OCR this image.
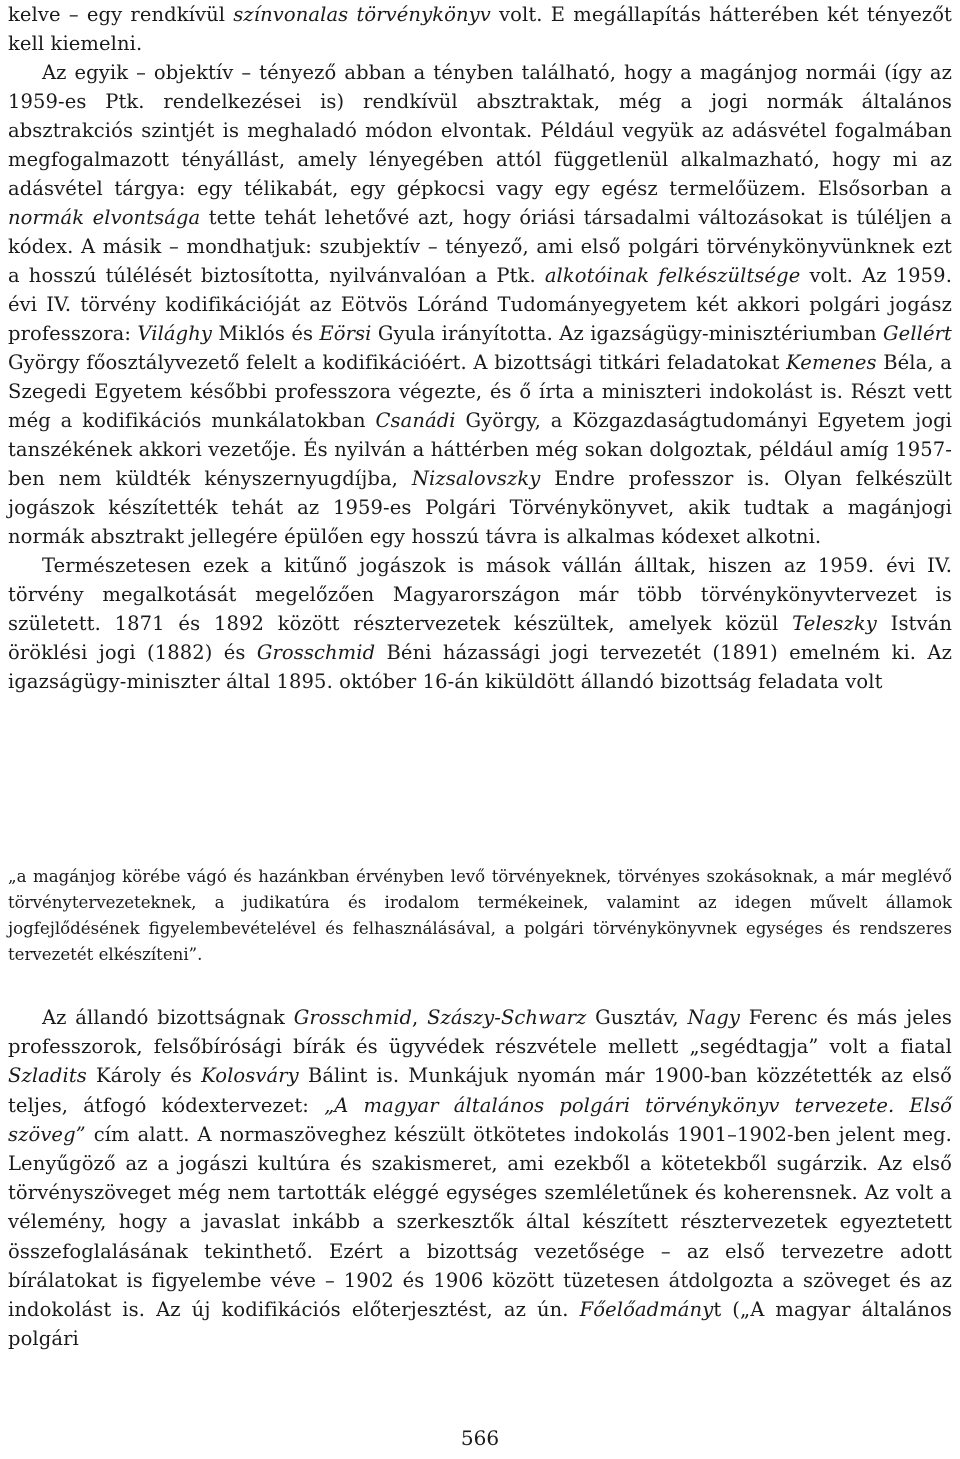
kelve – egy rendkívül színvonalas törvénykönyv volt. E megállapítás hátterében két tényezőt kell kiemelni.

Az egyik – objektív – tényező abban a tényben található, hogy a magánjog normái (így az 1959-es Ptk. rendelkezései is) rendkívül absztraktak, még a jogi normák általános absztrakciós szintjét is meghaladó módon elvontak. Például vegyük az adásvétel fogalmában megfogalmazott tényállást, amely lényegében attól függetlenül alkalmazható, hogy mi az adásvétel tárgya: egy télikabát, egy gépkocsi vagy egy egész termelőüzem. Elsősorban a normák elvontsága tette tehát lehetővé azt, hogy óriási társadalmi változásokat is túléljen a kódex. A másik – mondhatjuk: szubjektív – tényező, ami első polgári törvénykönyvünknek ezt a hosszú túlélését biztosította, nyilvánvalóan a Ptk. alkotóinak felkészültsége volt. Az 1959. évi IV. törvény kodifikációját az Eötvös Lóránd Tudományegyetem két akkori polgári jogász professzora: Világhy Miklós és Eörsi Gyula irányította. Az igazságügy-minisztériumban Gellért György főosztályvezető felelt a kodifikációért. A bizottsági titkári feladatokat Kemenes Béla, a Szegedi Egyetem későbbi professzora végezte, és ő írta a miniszteri indokolást is. Részt vett még a kodifikációs munkálatokban Csanádi György, a Közgazdaságtudományi Egyetem jogi tanszékének akkori vezetője. És nyilván a háttérben még sokan dolgoztak, például amíg 1957-ben nem küldték kényszernyugdíjba, Nizsalovszky Endre professzor is. Olyan felkészült jogászok készítették tehát az 1959-es Polgári Törvénykönyvet, akik tudtak a magánjogi normák absztrakt jellegére épülően egy hosszú távra is alkalmas kódexet alkotni.

Természetesen ezek a kitűnő jogászok is mások vállán álltak, hiszen az 1959. évi IV. törvény megalkotását megelőzően Magyarországon már több törvénykönyvtervezet is született. 1871 és 1892 között résztervezetek készültek, amelyek közül Teleszky István öröklési jogi (1882) és Grosschmid Béni házassági jogi tervezetét (1891) emelném ki. Az igazságügy-miniszter által 1895. október 16-án kiküldött állandó bizottság feladata volt

„a magánjog körébe vágó és hazánkban érvényben levő törvényeknek, törvényes szokásoknak, a már meglévő törvénytervezeteknek, a judikatúra és irodalom termékeinek, valamint az idegen művelt államok jogfejlődésének figyelembevételével és felhasználásával, a polgári törvénykönyvnek egységes és rendszeres tervezetét elkészíteni”.

Az állandó bizottságnak Grosschmid, Szászy-Schwarz Gusztáv, Nagy Ferenc és más jeles professzorok, felsőbírósági bírák és ügyvédek részvétele mellett „segédtagja” volt a fiatal Szladits Károly és Kolosváry Bálint is. Munkájuk nyomán már 1900-ban közzétették az első teljes, átfogó kódextervezet: „A magyar általános polgári törvénykönyv tervezete. Első szöveg” cím alatt. A normaszöveghez készült ötkötetes indokolás 1901–1902-ben jelent meg. Lenyűgöző az a jogászi kultúra és szakismeret, ami ezekből a kötetekből sugárzik. Az első törvényszöveget még nem tartották eléggé egységes szemléletűnek és koherensnek. Az volt a vélemény, hogy a javaslat inkább a szerkesztők által készített résztervezetek egyeztetett összefoglalásának tekinthető. Ezért a bizottság vezetősége – az első tervezetre adott bírálatokat is figyelembe véve – 1902 és 1906 között tüzetesen átdolgozta a szöveget és az indokolást is. Az új kodifikációs előterjesztést, az ún. Főelőadmányt („A magyar általános polgári

566
